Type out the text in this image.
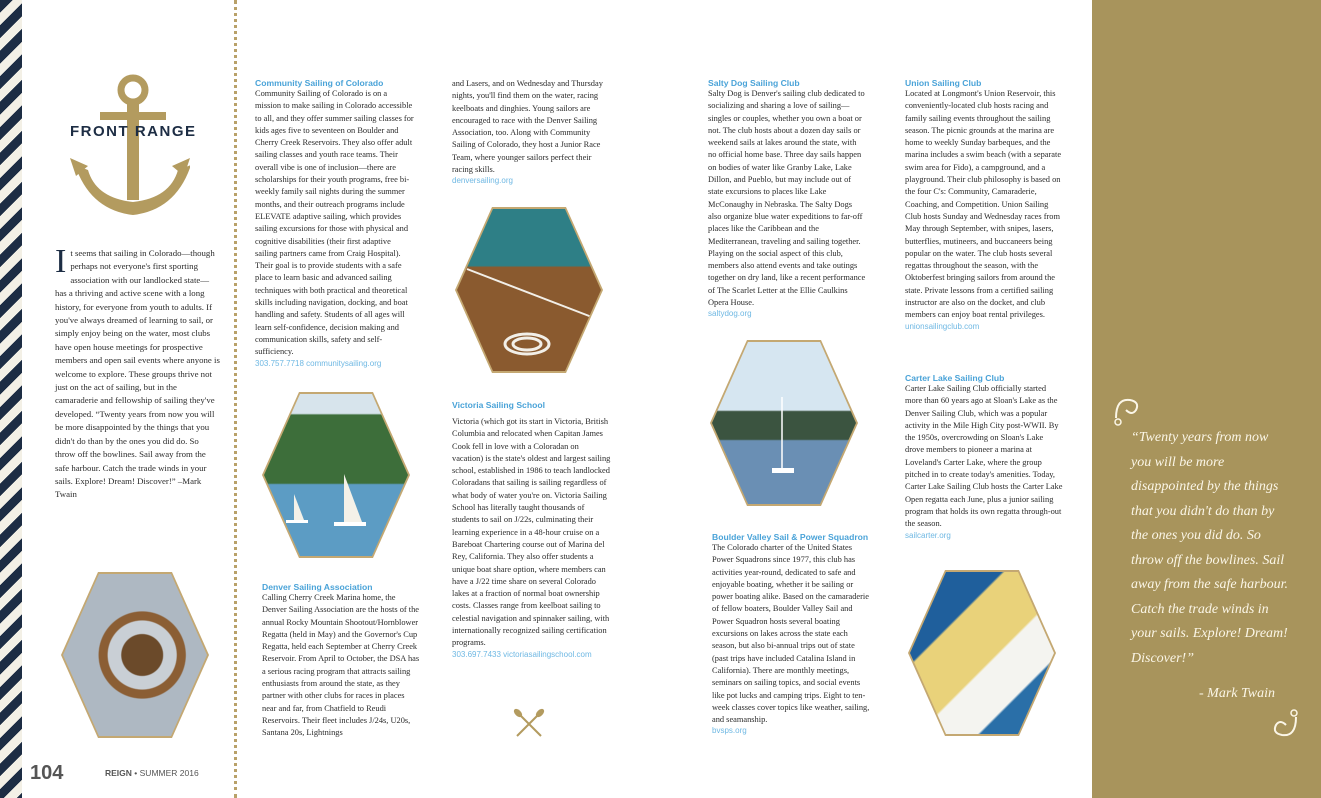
FRONT RANGE
I t seems that sailing in Colorado—though perhaps not everyone's first sporting association with our landlocked state—has a thriving and active scene with a long history, for everyone from youth to adults. If you've always dreamed of learning to sail, or simply enjoy being on the water, most clubs have open house meetings for prospective members and open sail events where anyone is welcome to explore. These groups thrive not just on the act of sailing, but in the camaraderie and fellowship of sailing they've developed. “Twenty years from now you will be more disappointed by the things that you didn't do than by the ones you did do. So throw off the bowlines. Sail away from the safe harbour. Catch the trade winds in your sails. Explore! Dream! Discover!” –Mark Twain
Community Sailing of Colorado
Community Sailing of Colorado is on a mission to make sailing in Colorado accessible to all, and they offer summer sailing classes for kids ages five to seventeen on Boulder and Cherry Creek Reservoirs. They also offer adult sailing classes and youth race teams. Their overall vibe is one of inclusion—there are scholarships for their youth programs, free bi-weekly family sail nights during the summer months, and their outreach programs include ELEVATE adaptive sailing, which provides sailing excursions for those with physical and cognitive disabilities (their first adaptive sailing partners came from Craig Hospital). Their goal is to provide students with a safe place to learn basic and advanced sailing techniques with both practical and theoretical skills including navigation, docking, and boat handling and safety. Students of all ages will learn self-confidence, decision making and communication skills, safety and self-sufficiency.
303.757.7718 communitysailing.org
Denver Sailing Association
Calling Cherry Creek Marina home, the Denver Sailing Association are the hosts of the annual Rocky Mountain Shootout/Hornblower Regatta (held in May) and the Governor's Cup Regatta, held each September at Cherry Creek Reservoir. From April to October, the DSA has a serious racing program that attracts sailing enthusiasts from around the state, as they partner with other clubs for races in places near and far, from Chatfield to Reudi Reservoirs. Their fleet includes J/24s, U20s, Santana 20s, Lightnings
and Lasers, and on Wednesday and Thursday nights, you'll find them on the water, racing keelboats and dinghies. Young sailors are encouraged to race with the Denver Sailing Association, too. Along with Community Sailing of Colorado, they host a Junior Race Team, where younger sailors perfect their racing skills.
denversailing.org
Victoria Sailing School
Victoria (which got its start in Victoria, British Columbia and relocated when Capitan James Cook fell in love with a Coloradan on vacation) is the state's oldest and largest sailing school, established in 1986 to teach landlocked Coloradans that sailing is sailing regardless of what body of water you're on. Victoria Sailing School has literally taught thousands of students to sail on J/22s, culminating their learning experience in a 48-hour cruise on a Bareboat Chartering course out of Marina del Rey, California. They also offer students a unique boat share option, where members can have a J/22 time share on several Colorado lakes at a fraction of normal boat ownership costs. Classes range from keelboat sailing to celestial navigation and spinnaker sailing, with internationally recognized sailing certification programs.
303.697.7433 victoriasailingschool.com
Salty Dog Sailing Club
Salty Dog is Denver's sailing club dedicated to socializing and sharing a love of sailing—singles or couples, whether you own a boat or not. The club hosts about a dozen day sails or weekend sails at lakes around the state, with no official home base. Three day sails happen on bodies of water like Granby Lake, Lake Dillon, and Pueblo, but may include out of state excursions to places like Lake McConaughy in Nebraska. The Salty Dogs also organize blue water expeditions to far-off places like the Caribbean and the Mediterranean, traveling and sailing together. Playing on the social aspect of this club, members also attend events and take outings together on dry land, like a recent performance of The Scarlet Letter at the Ellie Caulkins Opera House.
saltydog.org
Boulder Valley Sail & Power Squadron
The Colorado charter of the United States Power Squadrons since 1977, this club has activities year-round, dedicated to safe and enjoyable boating, whether it be sailing or power boating alike. Based on the camaraderie of fellow boaters, Boulder Valley Sail and Power Squadron hosts several boating excursions on lakes across the state each season, but also bi-annual trips out of state (past trips have included Catalina Island in California). There are monthly meetings, seminars on sailing topics, and social events like pot lucks and camping trips. Eight to ten-week classes cover topics like weather, sailing, and seamanship.
bvsps.org
Union Sailing Club
Located at Longmont's Union Reservoir, this conveniently-located club hosts racing and family sailing events throughout the sailing season. The picnic grounds at the marina are home to weekly Sunday barbeques, and the marina includes a swim beach (with a separate swim area for Fido), a campground, and a playground. Their club philosophy is based on the four C's: Community, Camaraderie, Coaching, and Competition. Union Sailing Club hosts Sunday and Wednesday races from May through September, with snipes, lasers, butterflies, mutineers, and buccaneers being popular on the water. The club hosts several regattas throughout the season, with the Oktoberfest bringing sailors from around the state. Private lessons from a certified sailing instructor are also on the docket, and club members can enjoy boat rental privileges.
unionsailingclub.com
Carter Lake Sailing Club
Carter Lake Sailing Club officially started more than 60 years ago at Sloan's Lake as the Denver Sailing Club, which was a popular activity in the Mile High City post-WWII. By the 1950s, overcrowding on Sloan's Lake drove members to pioneer a marina at Loveland's Carter Lake, where the group pitched in to create today's amenities. Today, Carter Lake Sailing Club hosts the Carter Lake Open regatta each June, plus a junior sailing program that holds its own regatta through-out the season.
sailcarter.org
“Twenty years from now you will be more disappointed by the things that you didn't do than by the ones you did do. So throw off the bowlines. Sail away from the safe harbour. Catch the trade winds in your sails. Explore! Dream! Discover!”
- Mark Twain
104	REIGN • SUMMER 2016
